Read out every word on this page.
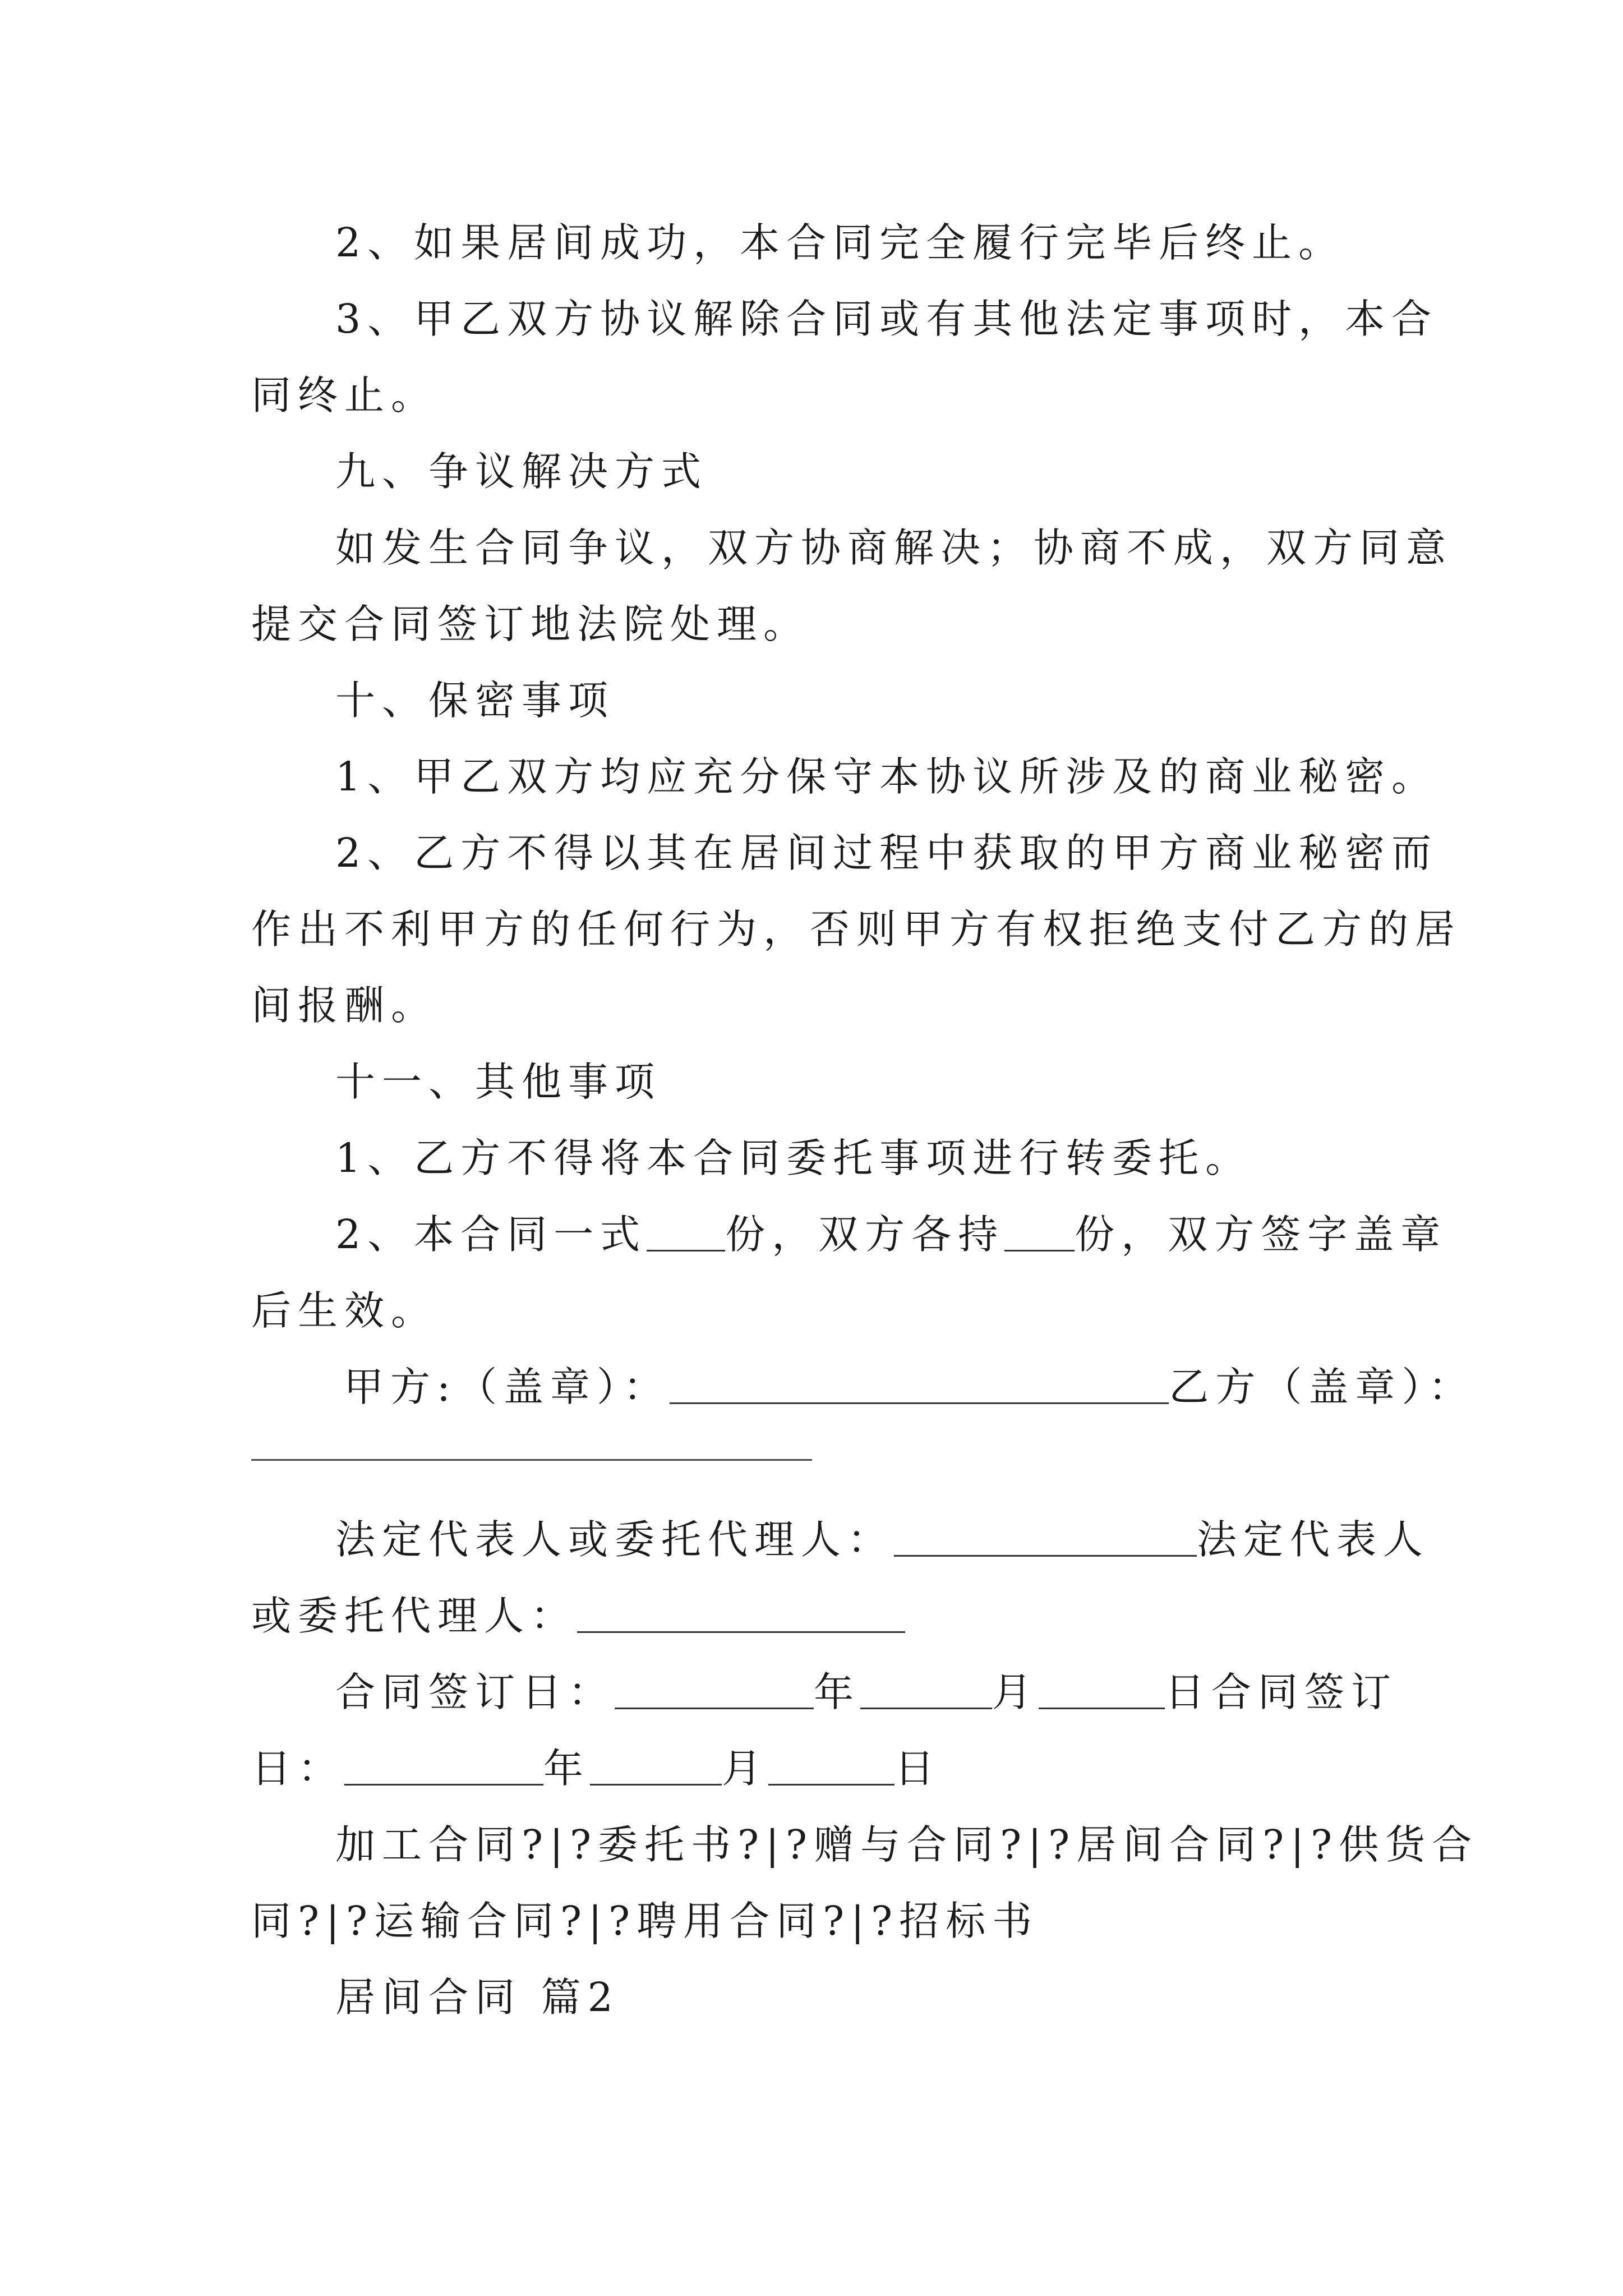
2、如果居间成功，本合同完全履行完毕后终止。
3、甲乙双方协议解除合同或有其他法定事项时，本合
同终止。
九、争议解决方式
如发生合同争议，双方协商解决；协商不成，双方同意
提交合同签订地法院处理。
十、保密事项
1、甲乙双方均应充分保守本协议所涉及的商业秘密。
2、乙方不得以其在居间过程中获取的甲方商业秘密而
作出不利甲方的任何行为，否则甲方有权拒绝支付乙方的居
间报酬。
十一、其他事项
1、乙方不得将本合同委托事项进行转委托。
2、本合同一式 份，双方各持 份，双方签字盖章
后生效。
甲方:（盖章）：	乙方（盖章）：
法定代表人或委托代理人：	法定代表人
或委托代理人：
合同签订日：	年	月	日合同签订
日：	年	月	日
加工合同?|?委托书?|?赠与合同?|?居间合同?|?供货合
同?|?运输合同?|?聘用合同?|?招标书
居间合同 篇2
